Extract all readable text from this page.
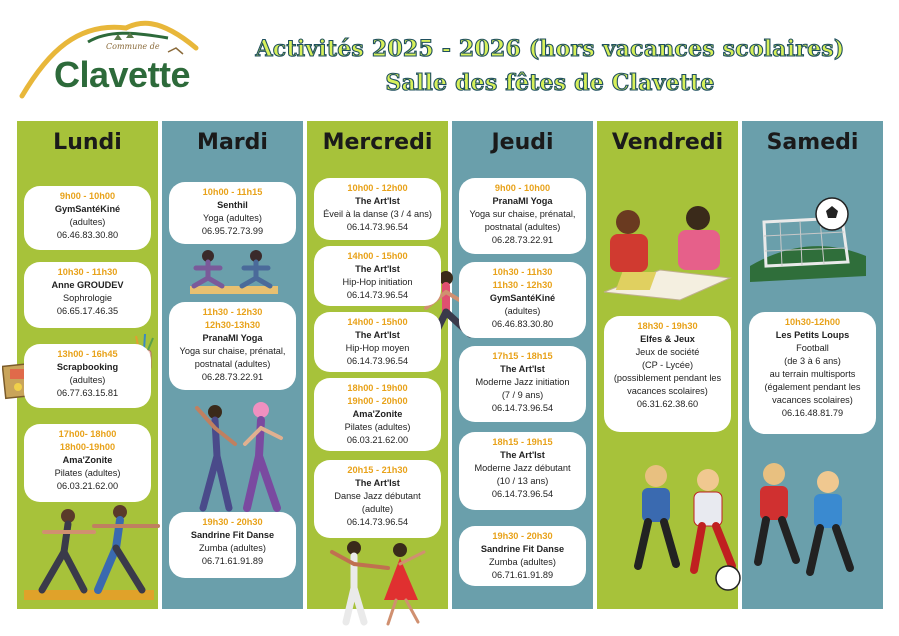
Commune de
Clavette
Activités 2025 - 2026 (hors vacances scolaires)
Salle des fêtes de Clavette
Lundi	Mardi	Mercredi	Jeudi	Vendredi	Samedi
9h00 - 10h00
GymSantéKiné
(adultes)
06.46.83.30.80
10h30 - 11h30
Anne GROUDEV
Sophrologie
06.65.17.46.35
13h00 - 16h45
Scrapbooking
(adultes)
06.77.63.15.81
17h00- 18h00
18h00-19h00
Ama'Zonite
Pilates (adultes)
06.03.21.62.00
10h00 - 11h15
Senthil
Yoga (adultes)
06.95.72.73.99
11h30 - 12h30
12h30-13h30
PranaMI Yoga
Yoga sur chaise, prénatal,
postnatal (adultes)
06.28.73.22.91
19h30 - 20h30
Sandrine Fit Danse
Zumba (adultes)
06.71.61.91.89
10h00 - 12h00
The Art'Ist
Éveil à la danse (3 / 4 ans)
06.14.73.96.54
14h00 - 15h00
The Art'Ist
Hip-Hop initiation
06.14.73.96.54
14h00 - 15h00
The Art'Ist
Hip-Hop moyen
06.14.73.96.54
18h00 - 19h00
19h00 - 20h00
Ama'Zonite
Pilates (adultes)
06.03.21.62.00
20h15 - 21h30
The Art'Ist
Danse Jazz débutant
(adulte)
06.14.73.96.54
9h00 - 10h00
PranaMI Yoga
Yoga sur chaise, prénatal,
postnatal (adultes)
06.28.73.22.91
10h30 - 11h30
11h30 - 12h30
GymSantéKiné
(adultes)
06.46.83.30.80
17h15 - 18h15
The Art'Ist
Moderne Jazz initiation
(7 / 9 ans)
06.14.73.96.54
18h15 - 19h15
The Art'Ist
Moderne Jazz débutant
(10 / 13 ans)
06.14.73.96.54
19h30 - 20h30
Sandrine Fit Danse
Zumba (adultes)
06.71.61.91.89
18h30 - 19h30
Elfes & Jeux
Jeux de société
(CP - Lycée)
(possiblement pendant les
vacances scolaires)
06.31.62.38.60
10h30-12h00
Les Petits Loups
Football
(de 3 à 6 ans)
au terrain multisports
(également pendant les
vacances scolaires)
06.16.48.81.79
